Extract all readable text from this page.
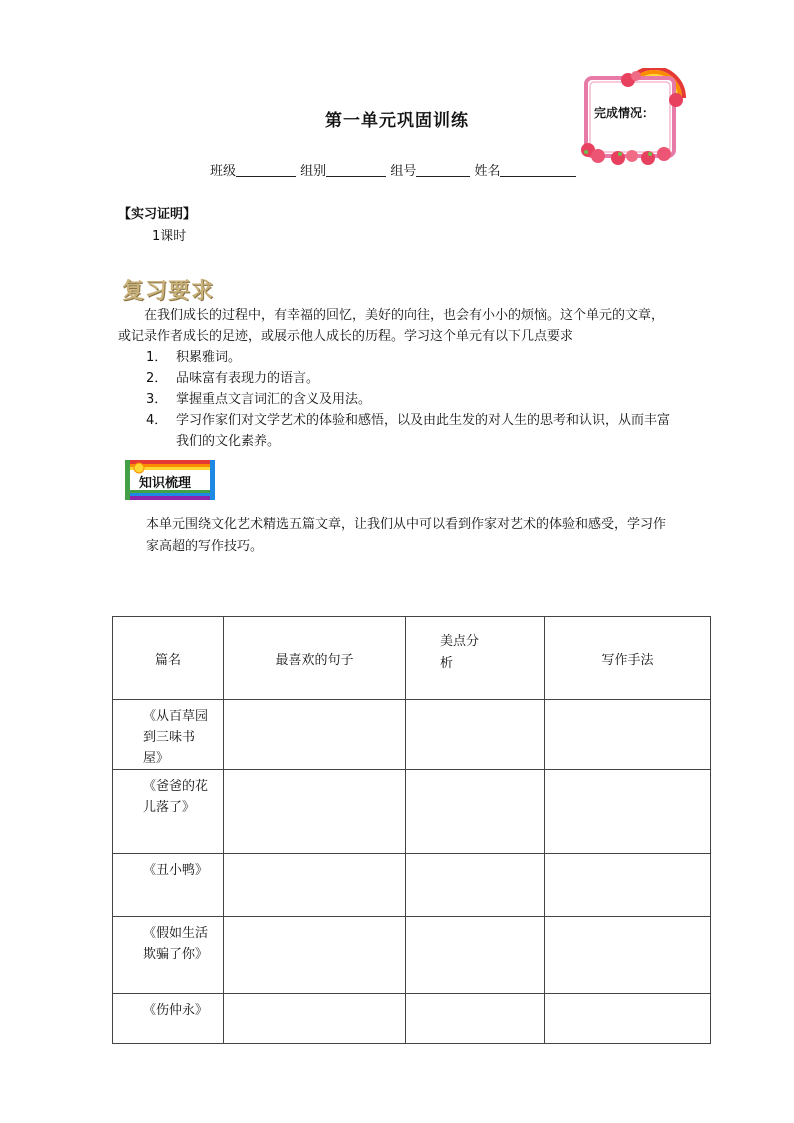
第一单元巩固训练
班级	组别	组号	姓名
完成情况：
【实习证明】
1课时
复习要求
在我们成长的过程中，有幸福的回忆，美好的向往，也会有小小的烦恼。这个单元的文章，或记录作者成长的足迹，或展示他人成长的历程。学习这个单元有以下几点要求
1． 积累雅词。
2． 品味富有表现力的语言。
3． 掌握重点文言词汇的含义及用法。
4． 学习作家们对文学艺术的体验和感悟，以及由此生发的对人生的思考和认识，从而丰富我们的文化素养。
知识梳理
本单元围绕文化艺术精选五篇文章，让我们从中可以看到作家对艺术的体验和感受，学习作家高超的写作技巧。
篇名	最喜欢的句子	美点分析	写作手法

《从百草园到三味书屋》			

《爸爸的花儿落了》			

《丑小鸭》			

《假如生活欺骗了你》			

《伤仲永》			
